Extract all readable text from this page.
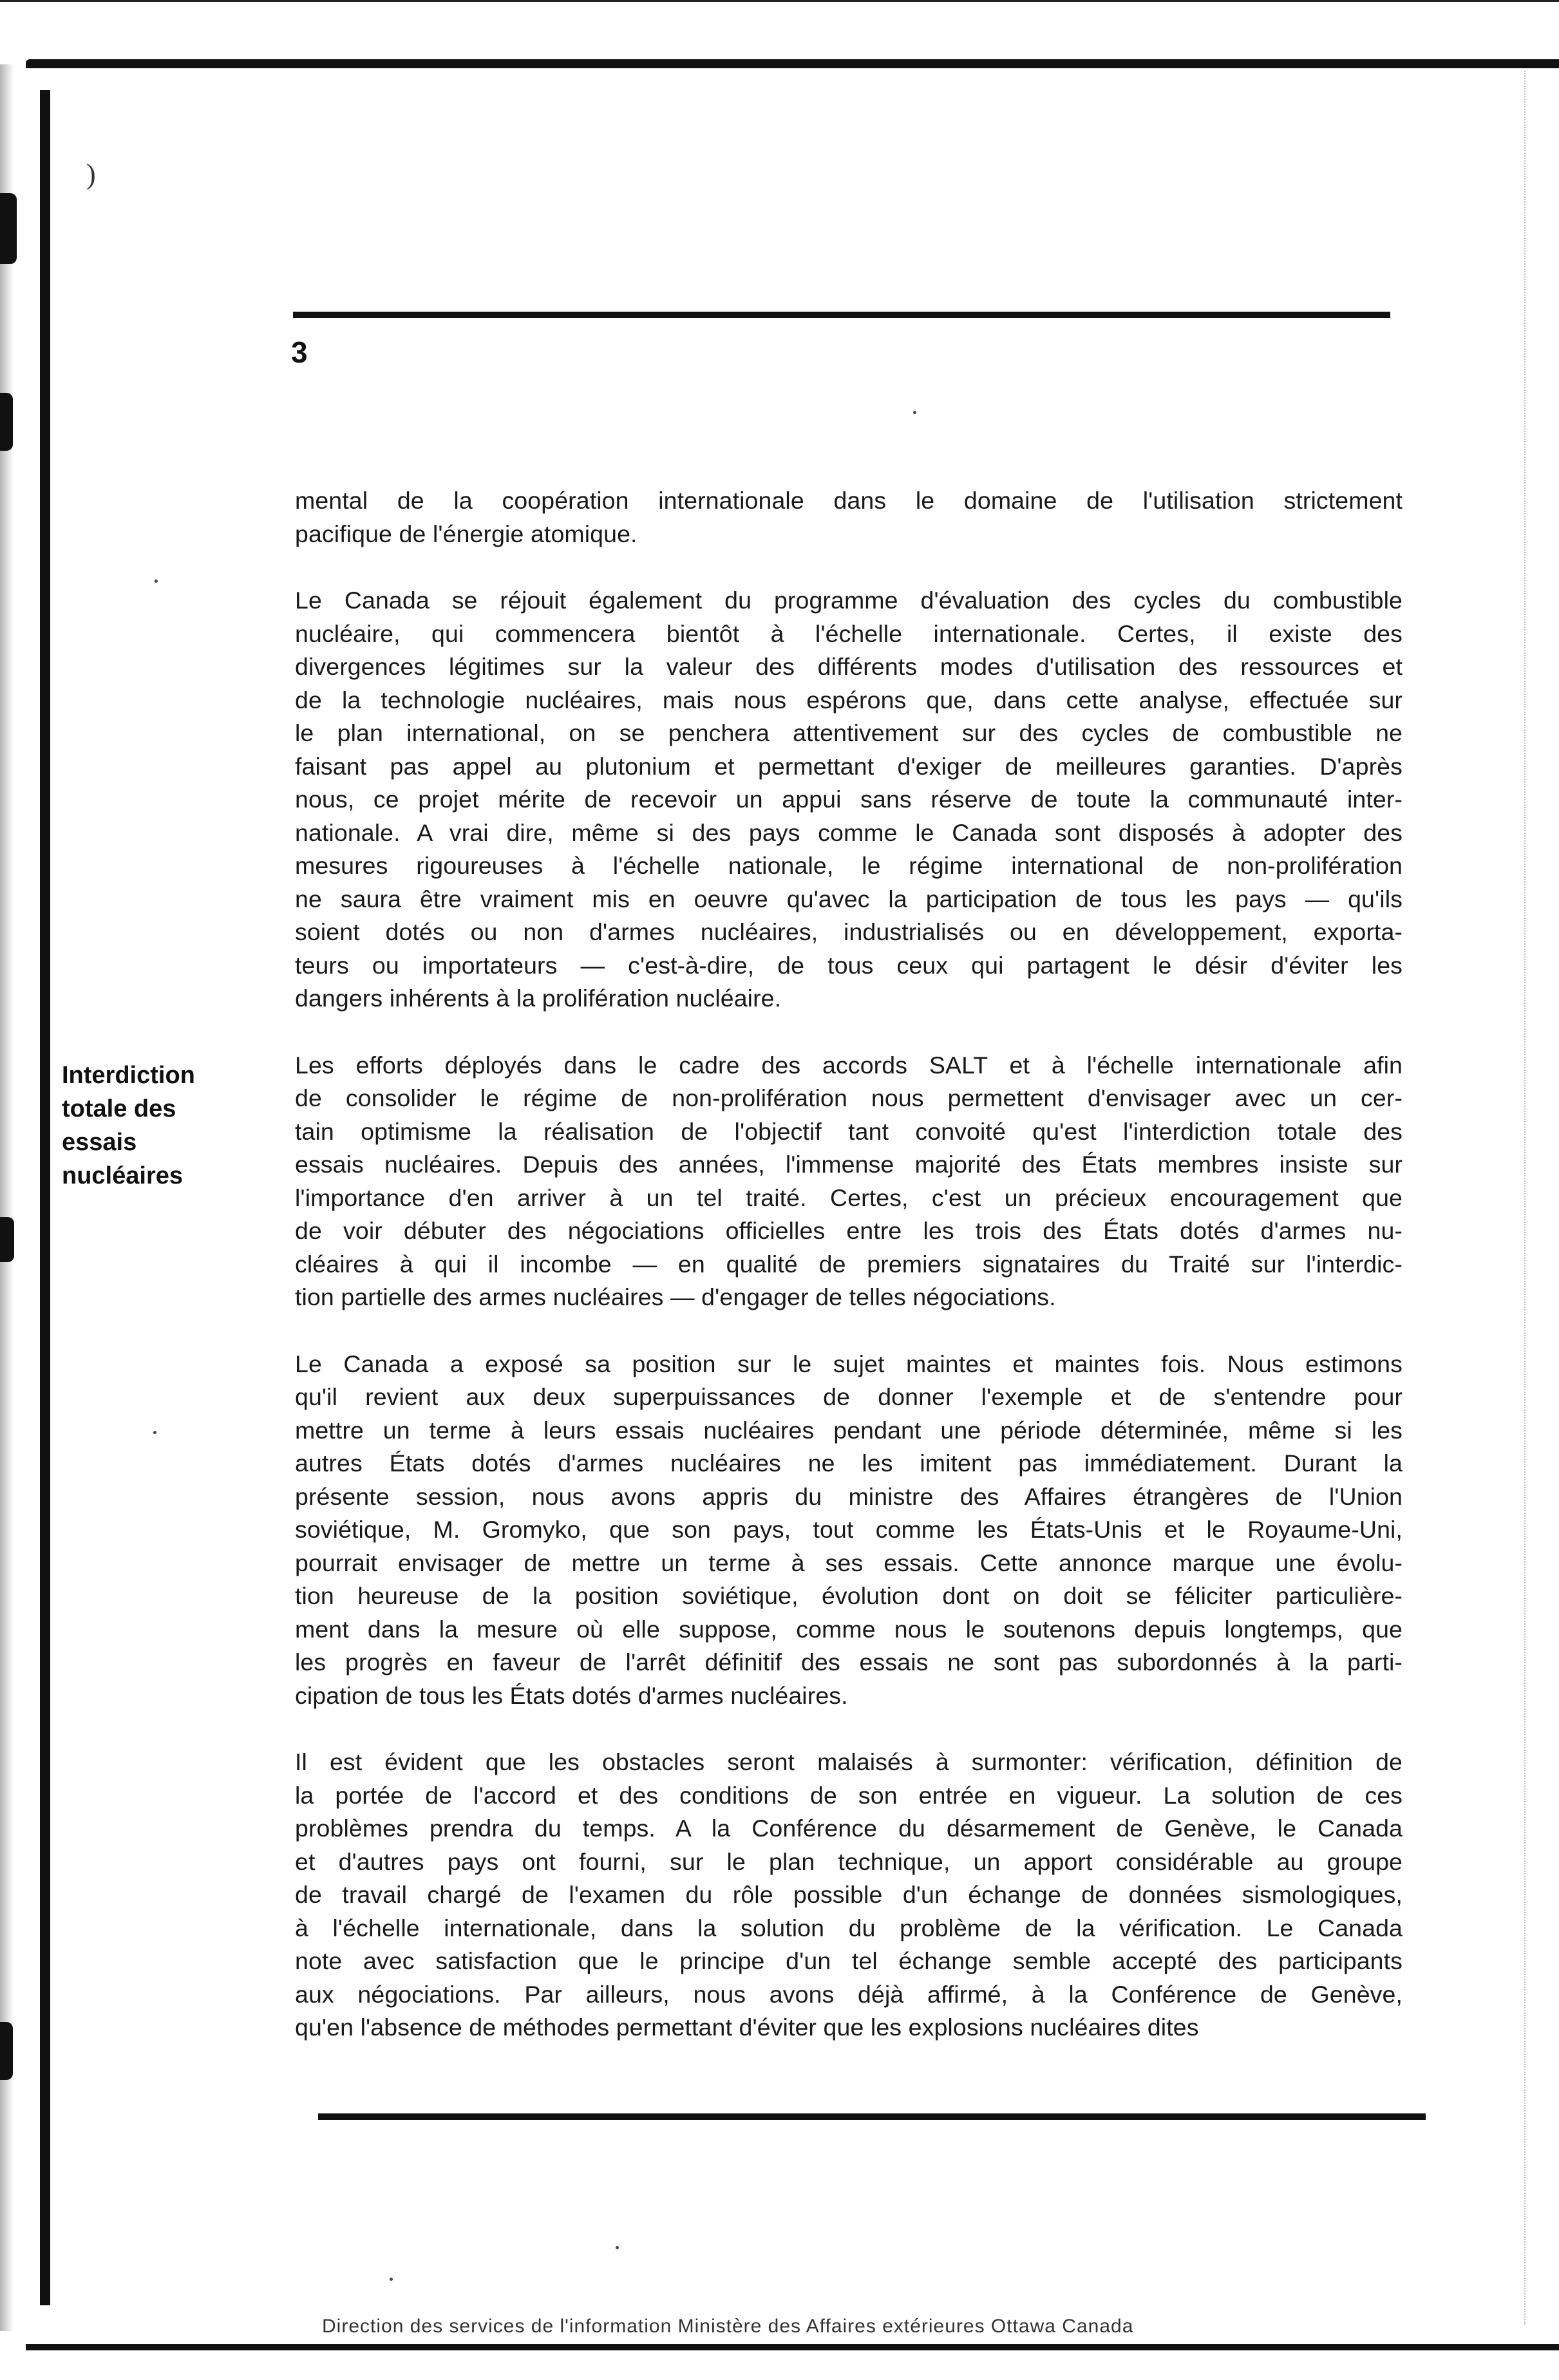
)
3
Interdiction
totale des essais
nucléaires
mental de la coopération internationale dans le domaine de l'utilisation strictement
pacifique de l'énergie atomique.
Le Canada se réjouit également du programme d'évaluation des cycles du combustible
nucléaire, qui commencera bientôt à l'échelle internationale. Certes, il existe des
divergences légitimes sur la valeur des différents modes d'utilisation des ressources et
de la technologie nucléaires, mais nous espérons que, dans cette analyse, effectuée sur
le plan international, on se penchera attentivement sur des cycles de combustible ne
faisant pas appel au plutonium et permettant d'exiger de meilleures garanties. D'après
nous, ce projet mérite de recevoir un appui sans réserve de toute la communauté inter-
nationale. A vrai dire, même si des pays comme le Canada sont disposés à adopter des
mesures rigoureuses à l'échelle nationale, le régime international de non-prolifération
ne saura être vraiment mis en oeuvre qu'avec la participation de tous les pays — qu'ils
soient dotés ou non d'armes nucléaires, industrialisés ou en développement, exporta-
teurs ou importateurs — c'est-à-dire, de tous ceux qui partagent le désir d'éviter les
dangers inhérents à la prolifération nucléaire.
Les efforts déployés dans le cadre des accords SALT et à l'échelle internationale afin
de consolider le régime de non-prolifération nous permettent d'envisager avec un cer-
tain optimisme la réalisation de l'objectif tant convoité qu'est l'interdiction totale des
essais nucléaires. Depuis des années, l'immense majorité des États membres insiste sur
l'importance d'en arriver à un tel traité. Certes, c'est un précieux encouragement que
de voir débuter des négociations officielles entre les trois des États dotés d'armes nu-
cléaires à qui il incombe — en qualité de premiers signataires du Traité sur l'interdic-
tion partielle des armes nucléaires — d'engager de telles négociations.
Le Canada a exposé sa position sur le sujet maintes et maintes fois. Nous estimons
qu'il revient aux deux superpuissances de donner l'exemple et de s'entendre pour
mettre un terme à leurs essais nucléaires pendant une période déterminée, même si les
autres États dotés d'armes nucléaires ne les imitent pas immédiatement. Durant la
présente session, nous avons appris du ministre des Affaires étrangères de l'Union
soviétique, M. Gromyko, que son pays, tout comme les États-Unis et le Royaume-Uni,
pourrait envisager de mettre un terme à ses essais. Cette annonce marque une évolu-
tion heureuse de la position soviétique, évolution dont on doit se féliciter particulière-
ment dans la mesure où elle suppose, comme nous le soutenons depuis longtemps, que
les progrès en faveur de l'arrêt définitif des essais ne sont pas subordonnés à la parti-
cipation de tous les États dotés d'armes nucléaires.
Il est évident que les obstacles seront malaisés à surmonter: vérification, définition de
la portée de l'accord et des conditions de son entrée en vigueur. La solution de ces
problèmes prendra du temps. A la Conférence du désarmement de Genève, le Canada
et d'autres pays ont fourni, sur le plan technique, un apport considérable au groupe
de travail chargé de l'examen du rôle possible d'un échange de données sismologiques,
à l'échelle internationale, dans la solution du problème de la vérification. Le Canada
note avec satisfaction que le principe d'un tel échange semble accepté des participants
aux négociations. Par ailleurs, nous avons déjà affirmé, à la Conférence de Genève,
qu'en l'absence de méthodes permettant d'éviter que les explosions nucléaires dites
Direction des services de l'information Ministère des Affaires extérieures Ottawa Canada
